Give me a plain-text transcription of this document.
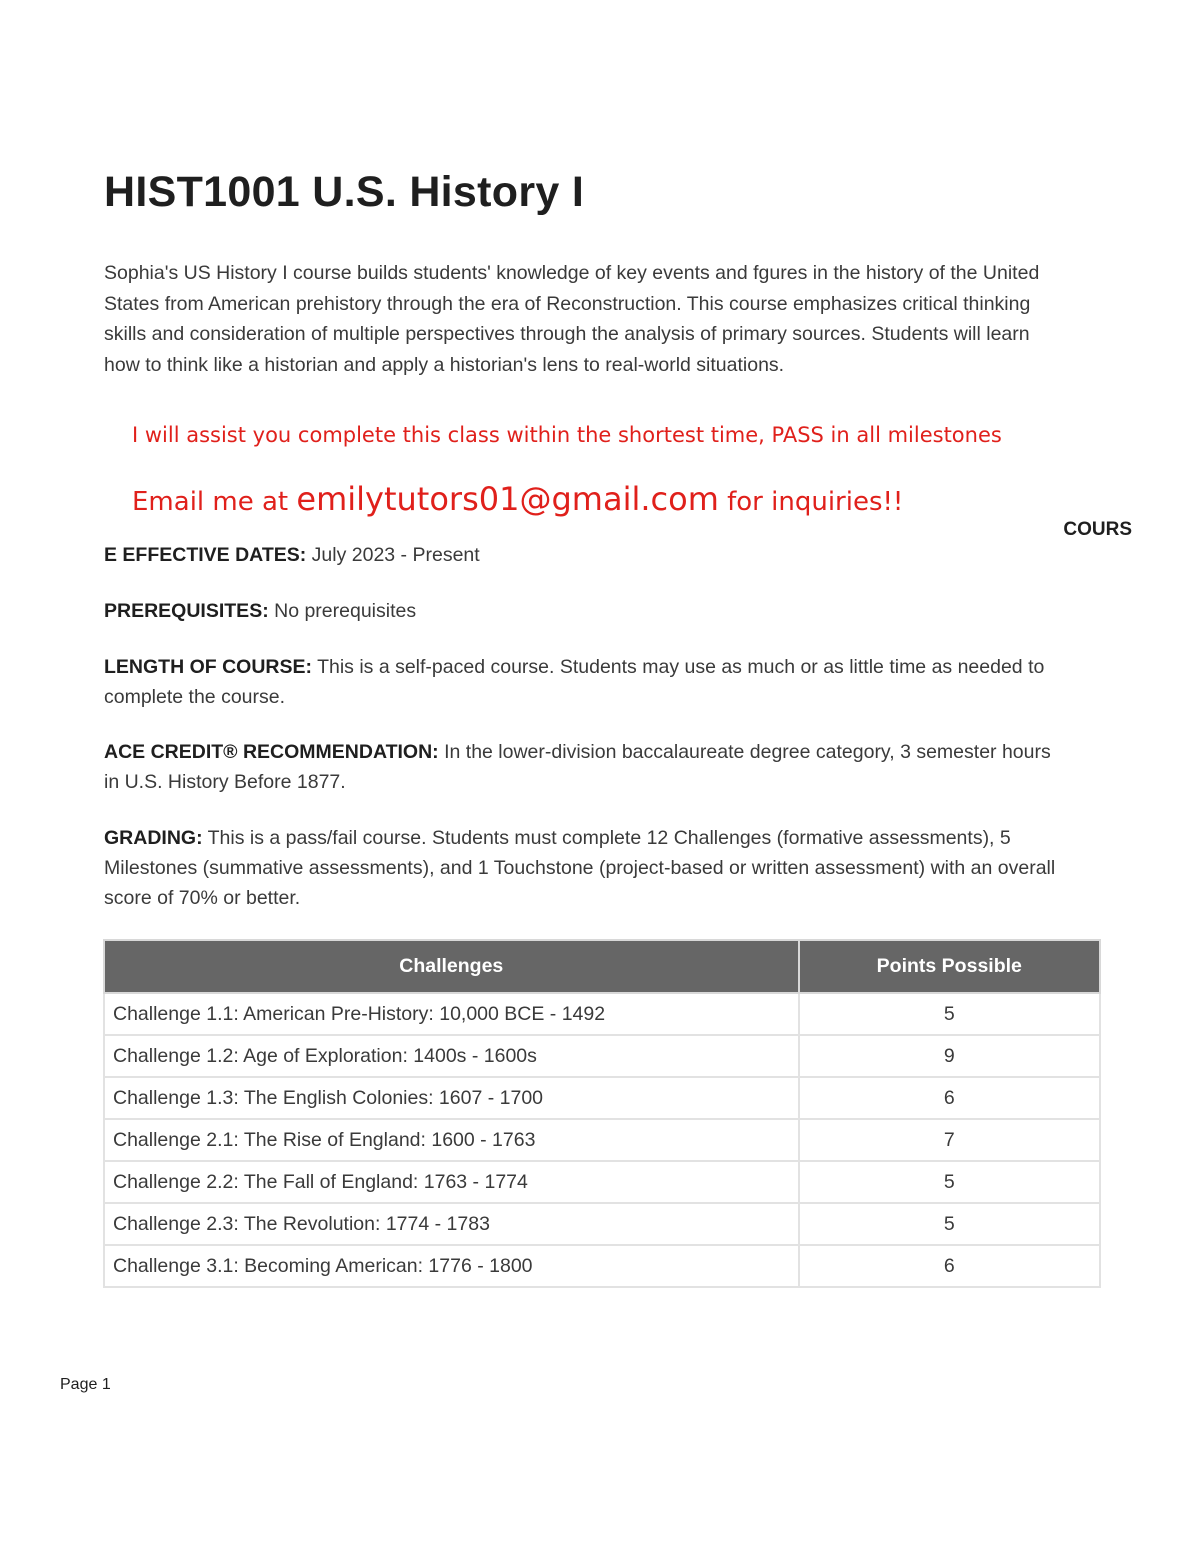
HIST1001 U.S. History I

Sophia's US History I course builds students' knowledge of key events and fgures in the history of the United States from American prehistory through the era of Reconstruction. This course emphasizes critical thinking skills and consideration of multiple perspectives through the analysis of primary sources. Students will learn how to think like a historian and apply a historian's lens to real-world situations.

I will assist you complete this class within the shortest time, PASS in all milestones

Email me at emilytutors01@gmail.com for inquiries!!

COURS

E EFFECTIVE DATES: July 2023 - Present

PREREQUISITES: No prerequisites

LENGTH OF COURSE: This is a self-paced course. Students may use as much or as little time as needed to complete the course.

ACE CREDIT® RECOMMENDATION: In the lower-division baccalaureate degree category, 3 semester hours in U.S. History Before 1877.

GRADING: This is a pass/fail course. Students must complete 12 Challenges (formative assessments), 5 Milestones (summative assessments), and 1 Touchstone (project-based or written assessment) with an overall score of 70% or better.

Challenges	Points Possible
Challenge 1.1: American Pre-History: 10,000 BCE - 1492	5
Challenge 1.2: Age of Exploration: 1400s - 1600s	9
Challenge 1.3: The English Colonies: 1607 - 1700	6
Challenge 2.1: The Rise of England: 1600 - 1763	7
Challenge 2.2: The Fall of England: 1763 - 1774	5
Challenge 2.3: The Revolution: 1774 - 1783	5
Challenge 3.1: Becoming American: 1776 - 1800	6
Page 1
